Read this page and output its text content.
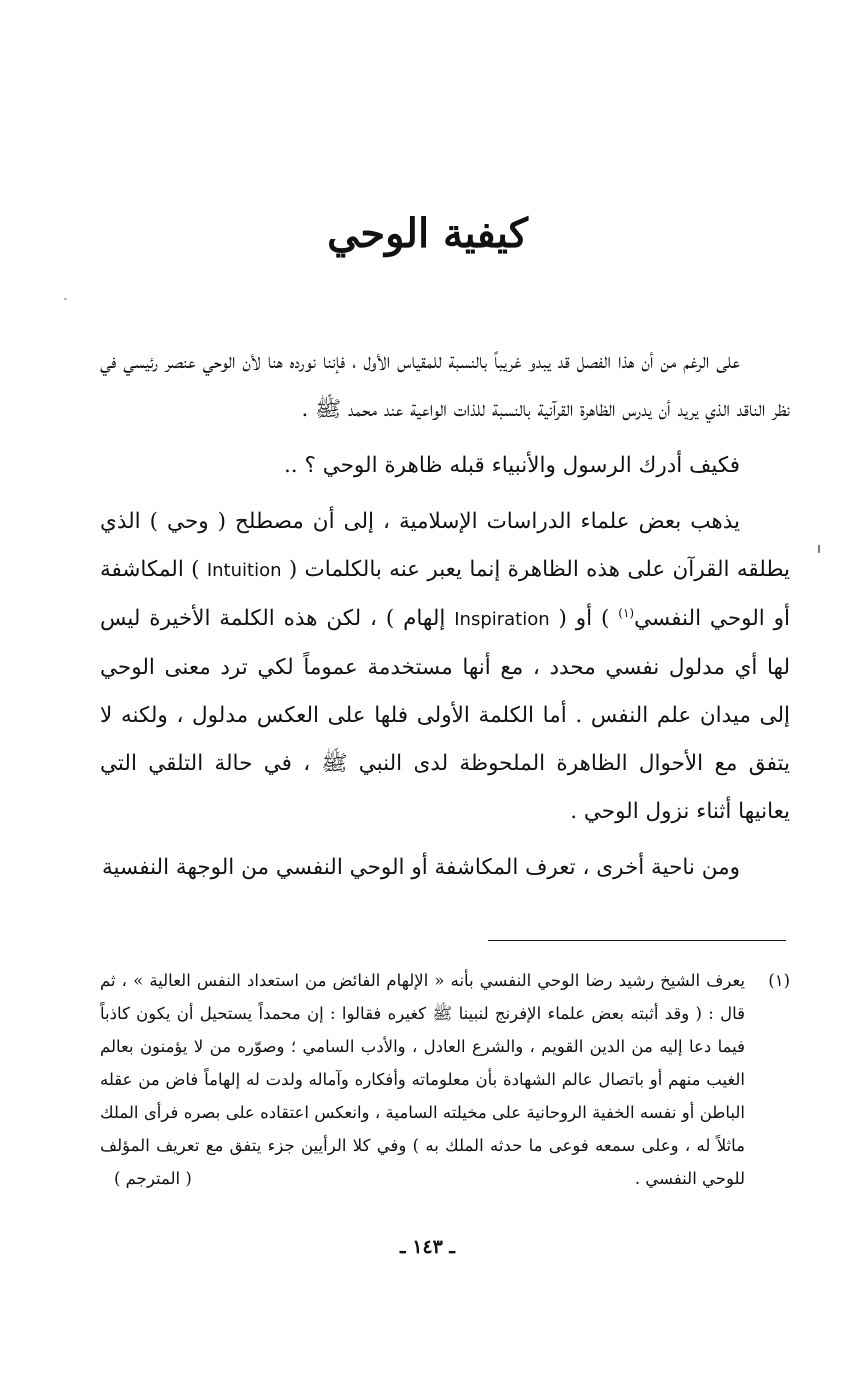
كيفية الوحي

على الرغم من أن هذا الفصل قد يبدو غريباً بالنسبة للمقياس الأول ، فإننا نورده هنا لأن الوحي عنصر رئيسي في نظر الناقد الذي يريد أن يدرس الظاهرة القرآنية بالنسبة للذات الواعية عند محمد ﷺ .

فكيف أدرك الرسول والأنبياء قبله ظاهرة الوحي ؟ ..

يذهب بعض علماء الدراسات الإسلامية ، إلى أن مصطلح ( وحي ) الذي يطلقه القرآن على هذه الظاهرة إنما يعبر عنه بالكلمات ( Intuition ) المكاشفة أو الوحي النفسي$^{(١)}$ ) أو ( Inspiration إلهام ) ، لكن هذه الكلمة الأخيرة ليس لها أي مدلول نفسي محدد ، مع أنها مستخدمة عموماً لكي ترد معنى الوحي إلى ميدان علم النفس . أما الكلمة الأولى فلها على العكس مدلول ، ولكنه لا يتفق مع الأحوال الظاهرة الملحوظة لدى النبي ﷺ ، في حالة التلقي التي يعانيها أثناء نزول الوحي .

ومن ناحية أخرى ، تعرف المكاشفة أو الوحي النفسي من الوجهة النفسية

(١)
يعرف الشيخ رشيد رضا الوحي النفسي بأنه « الإلهام الفائض من استعداد النفس العالية » ، ثم قال : ( وقد أثبته بعض علماء الإفرنج لنبينا ﷺ كغيره فقالوا : إن محمداً يستحيل أن يكون كاذباً فيما دعا إليه من الدين القويم ، والشرع العادل ، والأدب السامي ؛ وصوّره من لا يؤمنون بعالم الغيب منهم أو باتصال عالم الشهادة بأن معلوماته وأفكاره وآماله ولدت له إلهاماً فاض من عقله الباطن أو نفسه الخفية الروحانية على مخيلته السامية ، وانعكس اعتقاده على بصره فرأى الملك ماثلاً له ، وعلى سمعه فوعى ما حدثه الملك به ) وفي كلا الرأيين جزء يتفق مع تعريف المؤلف للوحي النفسي .
( المترجم )
ـ ١٤٣ ـ
